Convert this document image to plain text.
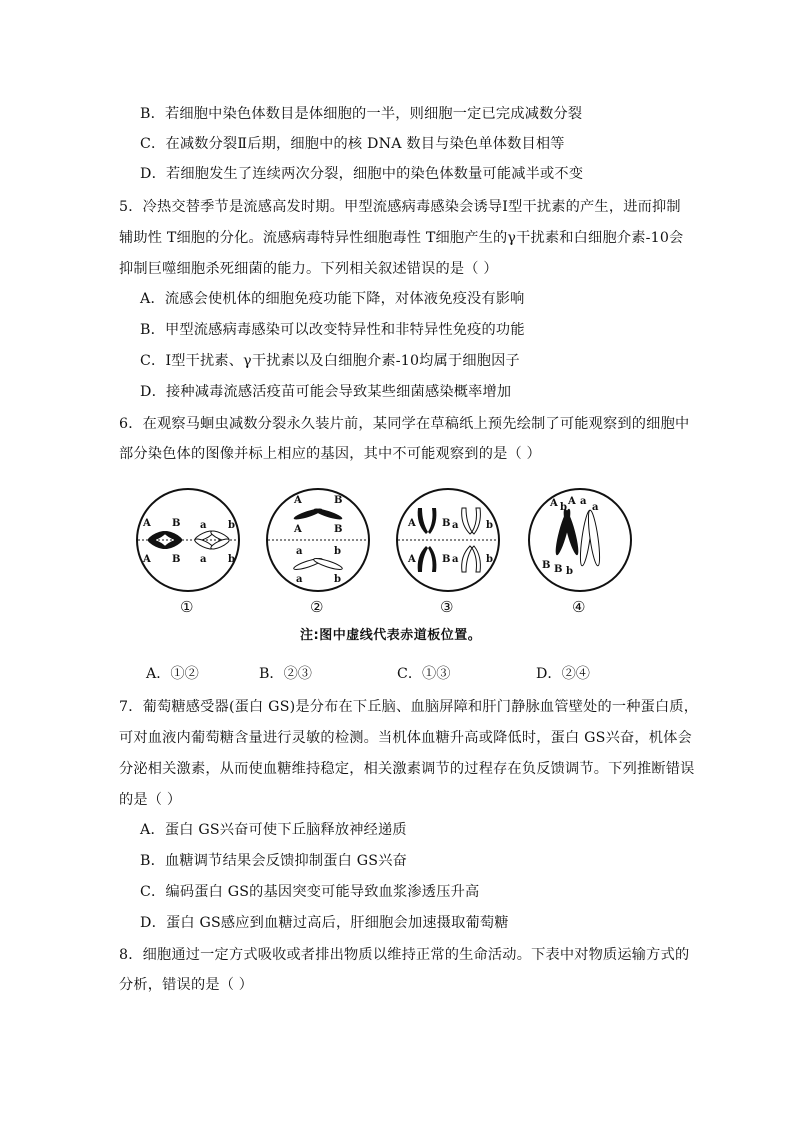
B．若细胞中染色体数目是体细胞的一半，则细胞一定已完成减数分裂
C．在减数分裂Ⅱ后期，细胞中的核 DNA 数目与染色单体数目相等
D．若细胞发生了连续两次分裂，细胞中的染色体数量可能减半或不变
5．冷热交替季节是流感高发时期。甲型流感病毒感染会诱导Ⅰ型干扰素的产生，进而抑制
辅助性 T细胞的分化。流感病毒特异性细胞毒性 T细胞产生的γ干扰素和白细胞介素-10会
抑制巨噬细胞杀死细菌的能力。下列相关叙述错误的是（ ）
A．流感会使机体的细胞免疫功能下降，对体液免疫没有影响
B．甲型流感病毒感染可以改变特异性和非特异性免疫的功能
C．Ⅰ型干扰素、γ干扰素以及白细胞介素-10均属于细胞因子
D．接种减毒流感活疫苗可能会导致某些细菌感染概率增加
6．在观察马蛔虫减数分裂永久装片前，某同学在草稿纸上预先绘制了可能观察到的细胞中
部分染色体的图像并标上相应的基因，其中不可能观察到的是（ ）
A B a b
A B a b
①
A	B
A	B
a	b
a	b
②
A	B a	b
A	B a	b
③
A b
A a
a
B B b
④
注:图中虚线代表赤道板位置。
A．①②	B．②③	C．①③	D．②④
7．葡萄糖感受器(蛋白 GS)是分布在下丘脑、血脑屏障和肝门静脉血管壁处的一种蛋白质，
可对血液内葡萄糖含量进行灵敏的检测。当机体血糖升高或降低时，蛋白 GS兴奋，机体会
分泌相关激素，从而使血糖维持稳定，相关激素调节的过程存在负反馈调节。下列推断错误
的是（ ）
A．蛋白 GS兴奋可使下丘脑释放神经递质
B．血糖调节结果会反馈抑制蛋白 GS兴奋
C．编码蛋白 GS的基因突变可能导致血浆渗透压升高
D．蛋白 GS感应到血糖过高后，肝细胞会加速摄取葡萄糖
8．细胞通过一定方式吸收或者排出物质以维持正常的生命活动。下表中对物质运输方式的
分析，错误的是（ ）
